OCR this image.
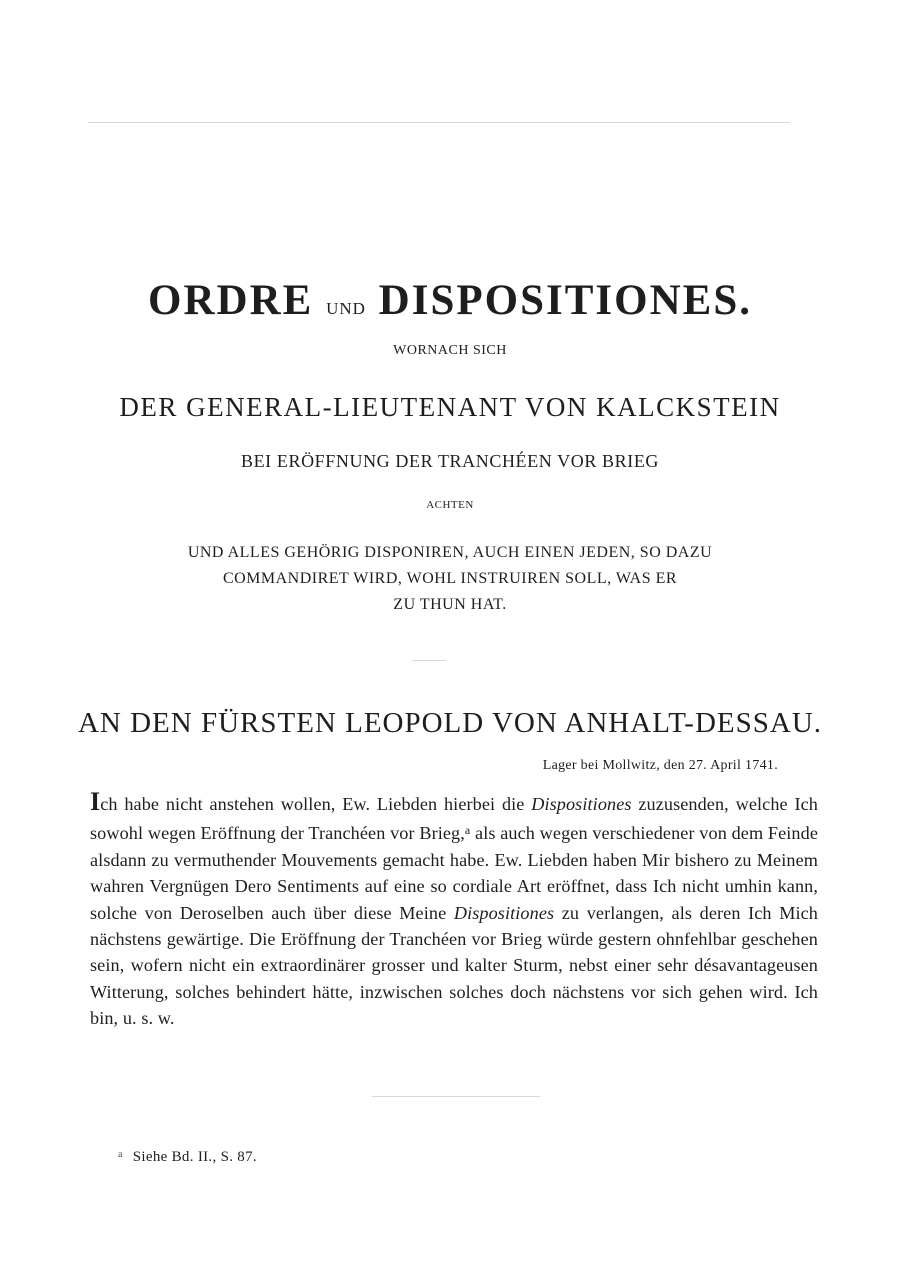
ORDRE UND DISPOSITIONES.
WORNACH SICH
DER GENERAL-LIEUTENANT VON KALCKSTEIN
BEI ERÖFFNUNG DER TRANCHÉEN VOR BRIEG
ACHTEN
UND ALLES GEHÖRIG DISPONIREN, AUCH EINEN JEDEN, SO DAZU
COMMANDIRET WIRD, WOHL INSTRUIREN SOLL, WAS ER
ZU THUN HAT.
AN DEN FÜRSTEN LEOPOLD VON ANHALT-DESSAU.
Lager bei Mollwitz, den 27. April 1741.

Ich habe nicht anstehen wollen, Ew. Liebden hierbei die Dispositiones zuzusenden, welche Ich sowohl wegen Eröffnung der Tranchéen vor Brieg,$^a$ als auch wegen verschiedener von dem Feinde alsdann zu vermuthender Mouvements gemacht habe. Ew. Liebden haben Mir bishero zu Meinem wahren Vergnügen Dero Sentiments auf eine so cordiale Art eröffnet, dass Ich nicht umhin kann, solche von Deroselben auch über diese Meine Dispositiones zu verlangen, als deren Ich Mich nächstens gewärtige. Die Eröffnung der Tranchéen vor Brieg würde gestern ohnfehlbar geschehen sein, wofern nicht ein extraordinärer grosser und kalter Sturm, nebst einer sehr désavantageusen Witterung, solches behindert hätte, inzwischen solches doch nächstens vor sich gehen wird. Ich bin, u. s. w.

$^a$ Siehe Bd. II., S. 87.
